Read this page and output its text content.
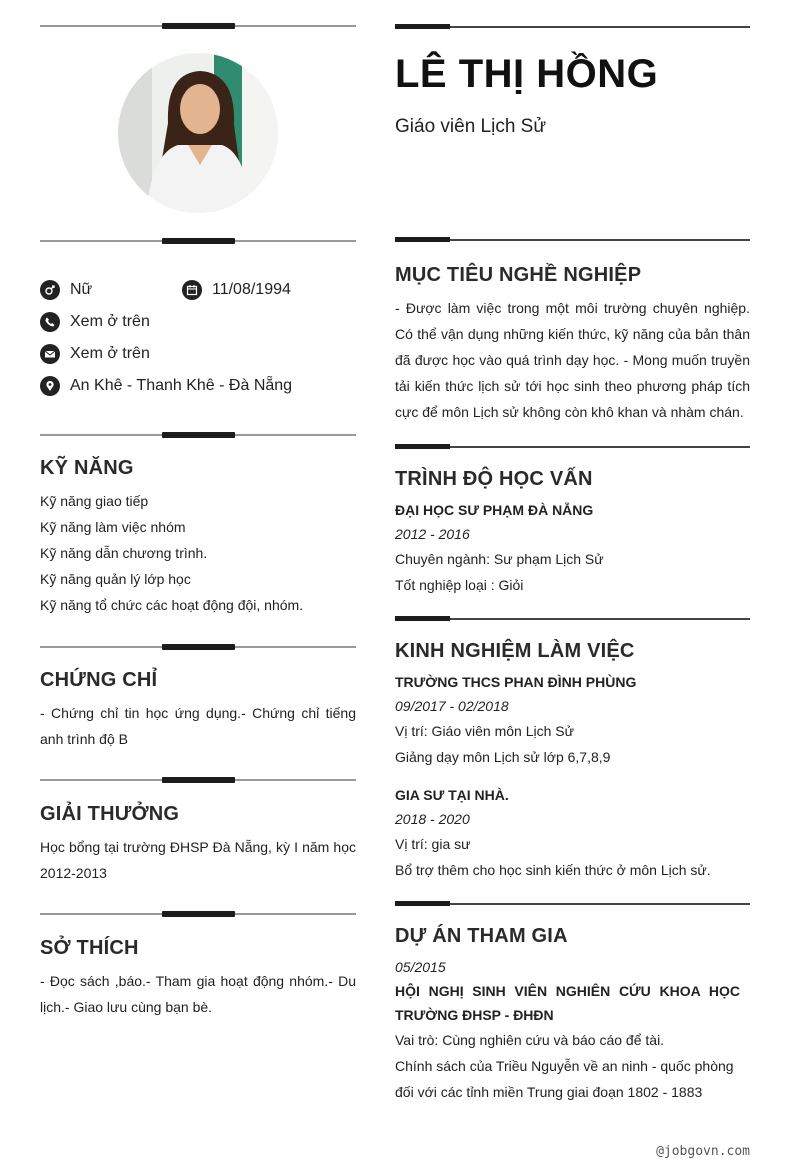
Nữ	11/08/1994
Xem ở trên
Xem ở trên
An Khê - Thanh Khê - Đà Nẵng
KỸ NĂNG
Kỹ năng giao tiếp
Kỹ năng làm việc nhóm
Kỹ năng dẫn chương trình.
Kỹ năng quản lý lớp học
Kỹ năng tổ chức các hoạt động đội, nhóm.
CHỨNG CHỈ
- Chứng chỉ tin học ứng dụng.- Chứng chỉ tiếng anh trình độ B
GIẢI THƯỞNG
Học bổng tại trường ĐHSP Đà Nẵng, kỳ I năm học 2012-2013
SỞ THÍCH
- Đọc sách ,báo.- Tham gia hoạt động nhóm.- Du lịch.- Giao lưu cùng bạn bè.
LÊ THỊ HỒNG
Giáo viên Lịch Sử
MỤC TIÊU NGHỀ NGHIỆP
- Được làm việc trong một môi trường chuyên nghiệp. Có thể vận dụng những kiến thức, kỹ năng của bản thân đã được học vào quá trình dạy học. - Mong muốn truyền tải kiến thức lịch sử tới học sinh theo phương pháp tích cực để môn Lịch sử không còn khô khan và nhàm chán.
TRÌNH ĐỘ HỌC VẤN
ĐẠI HỌC SƯ PHẠM ĐÀ NẴNG
2012 - 2016
Chuyên ngành: Sư phạm Lịch Sử
Tốt nghiệp loại : Giỏi
KINH NGHIỆM LÀM VIỆC
TRƯỜNG THCS PHAN ĐÌNH PHÙNG
09/2017 - 02/2018
Vị trí: Giáo viên môn Lịch Sử
Giảng dạy môn Lịch sử lớp 6,7,8,9
GIA SƯ TẠI NHÀ.
2018 - 2020
Vị trí: gia sư
Bổ trợ thêm cho học sinh kiến thức ở môn Lịch sử.
DỰ ÁN THAM GIA
05/2015
HỘI NGHỊ SINH VIÊN NGHIÊN CỨU KHOA HỌC TRƯỜNG ĐHSP - ĐHĐN
Vai trò: Cùng nghiên cứu và báo cáo để tài.
Chính sách của Triều Nguyễn về an ninh - quốc phòng đối với các tỉnh miền Trung giai đoạn 1802 - 1883
@jobgovn.com
